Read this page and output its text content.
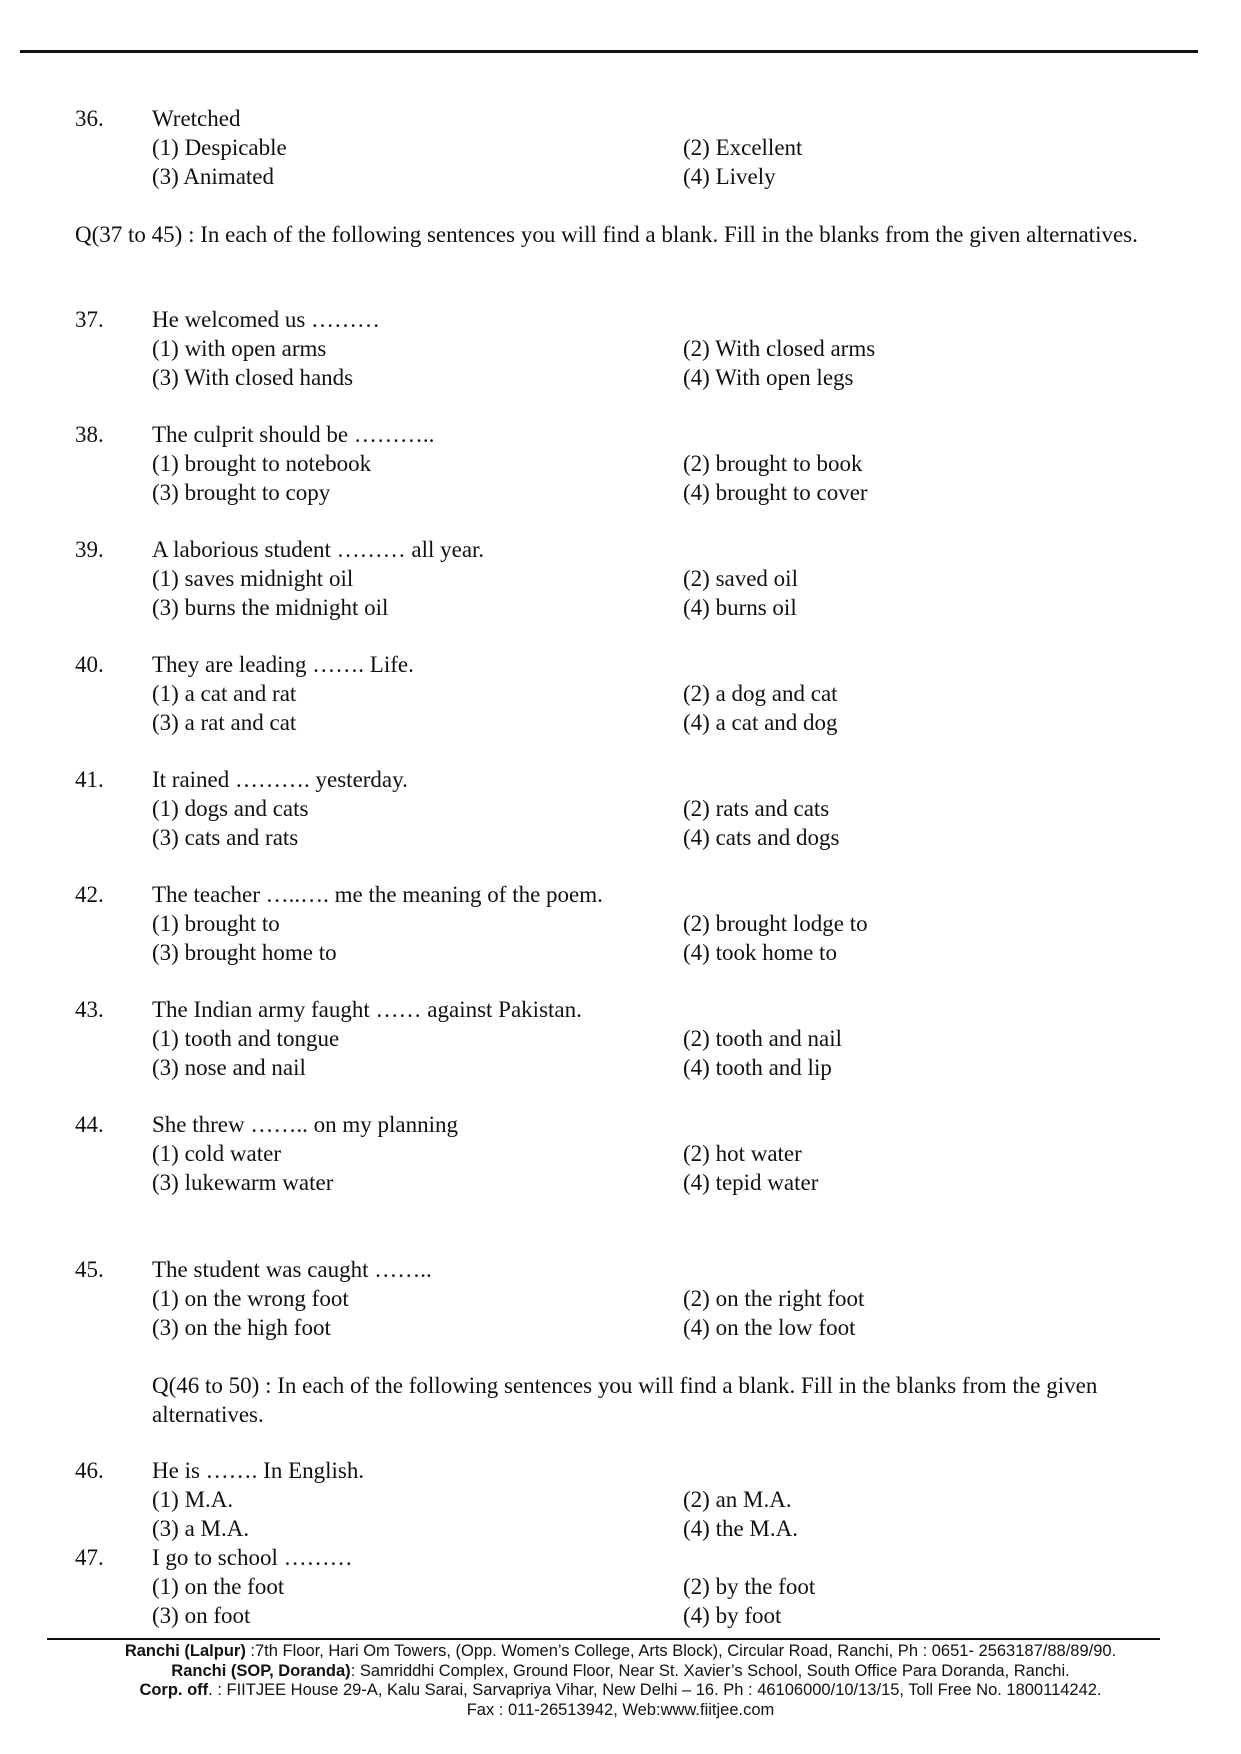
36. Wretched
(1) Despicable	(2) Excellent
(3) Animated	(4) Lively
Q(37 to 45) : In each of the following sentences you will find a blank. Fill in the blanks from the given alternatives.
37. He welcomed us ………
(1) with open arms	(2) With closed arms
(3) With closed hands	(4) With open legs
38. The culprit should be ………..
(1) brought to notebook	(2) brought to book
(3) brought to copy	(4) brought to cover
39. A laborious student ……… all year.
(1) saves midnight oil	(2) saved oil
(3) burns the midnight oil	(4) burns oil
40. They are leading ……. Life.
(1) a cat and rat	(2) a dog and cat
(3) a rat and cat	(4) a cat and dog
41. It rained ………. yesterday.
(1) dogs and cats	(2) rats and cats
(3) cats and rats	(4) cats and dogs
42. The teacher …..…. me the meaning of the poem.
(1) brought to	(2) brought lodge to
(3) brought home to	(4) took home to
43. The Indian army faught …… against Pakistan.
(1) tooth and tongue	(2) tooth and nail
(3) nose and nail	(4) tooth and lip
44. She threw …….. on my planning
(1) cold water	(2) hot water
(3) lukewarm water	(4) tepid water
45. The student was caught ……..
(1) on the wrong foot	(2) on the right foot
(3) on the high foot	(4) on the low foot
Q(46 to 50) : In each of the following sentences you will find a blank. Fill in the blanks from the given alternatives.
46. He is ……. In English.
(1) M.A.	(2) an M.A.
(3) a M.A.	(4) the M.A.
47. I go to school ………
(1) on the foot	(2) by the foot
(3) on foot	(4) by foot
Ranchi (Lalpur) :7th Floor, Hari Om Towers, (Opp. Women’s College, Arts Block), Circular Road, Ranchi, Ph : 0651- 2563187/88/89/90.
Ranchi (SOP, Doranda): Samriddhi Complex, Ground Floor, Near St. Xavier’s School, South Office Para Doranda, Ranchi.
Corp. off. : FIITJEE House 29-A, Kalu Sarai, Sarvapriya Vihar, New Delhi – 16. Ph : 46106000/10/13/15, Toll Free No. 1800114242.
Fax : 011-26513942, Web:www.fiitjee.com
